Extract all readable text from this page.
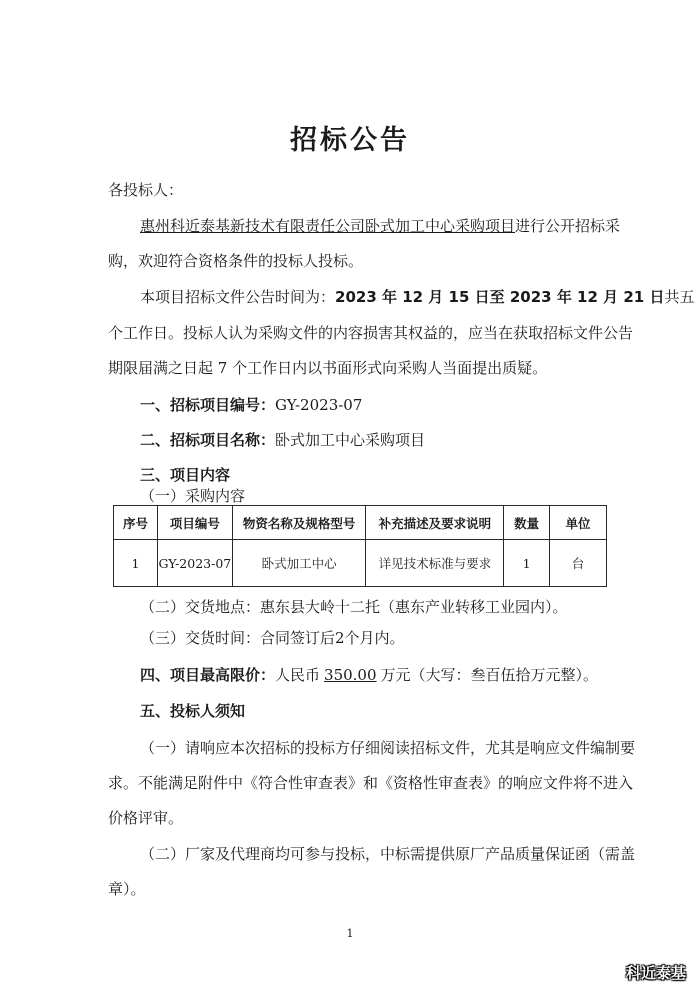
招标公告
各投标人：
惠州科近泰基新技术有限责任公司卧式加工中心采购项目进行公开招标采
购，欢迎符合资格条件的投标人投标。
本项目招标文件公告时间为：2023 年 12 月 15 日至 2023 年 12 月 21 日共五
个工作日。投标人认为采购文件的内容损害其权益的，应当在获取招标文件公告
期限届满之日起 7 个工作日内以书面形式向采购人当面提出质疑。
一、招标项目编号：GY-2023-07
二、招标项目名称：卧式加工中心采购项目
三、项目内容
（一）采购内容
序号	项目编号	物资名称及规格型号	补充描述及要求说明	数量	单位
1	GY-2023-07	卧式加工中心	详见技术标准与要求	1	台
（二）交货地点：惠东县大岭十二托（惠东产业转移工业园内）。
（三）交货时间：合同签订后2个月内。
四、项目最高限价：人民币 350.00 万元（大写：叁百伍拾万元整）。
五、投标人须知
（一）请响应本次招标的投标方仔细阅读招标文件，尤其是响应文件编制要
求。不能满足附件中《符合性审查表》和《资格性审查表》的响应文件将不进入
价格评审。
（二）厂家及代理商均可参与投标，中标需提供原厂产品质量保证函（需盖
章）。
1
科近泰基
